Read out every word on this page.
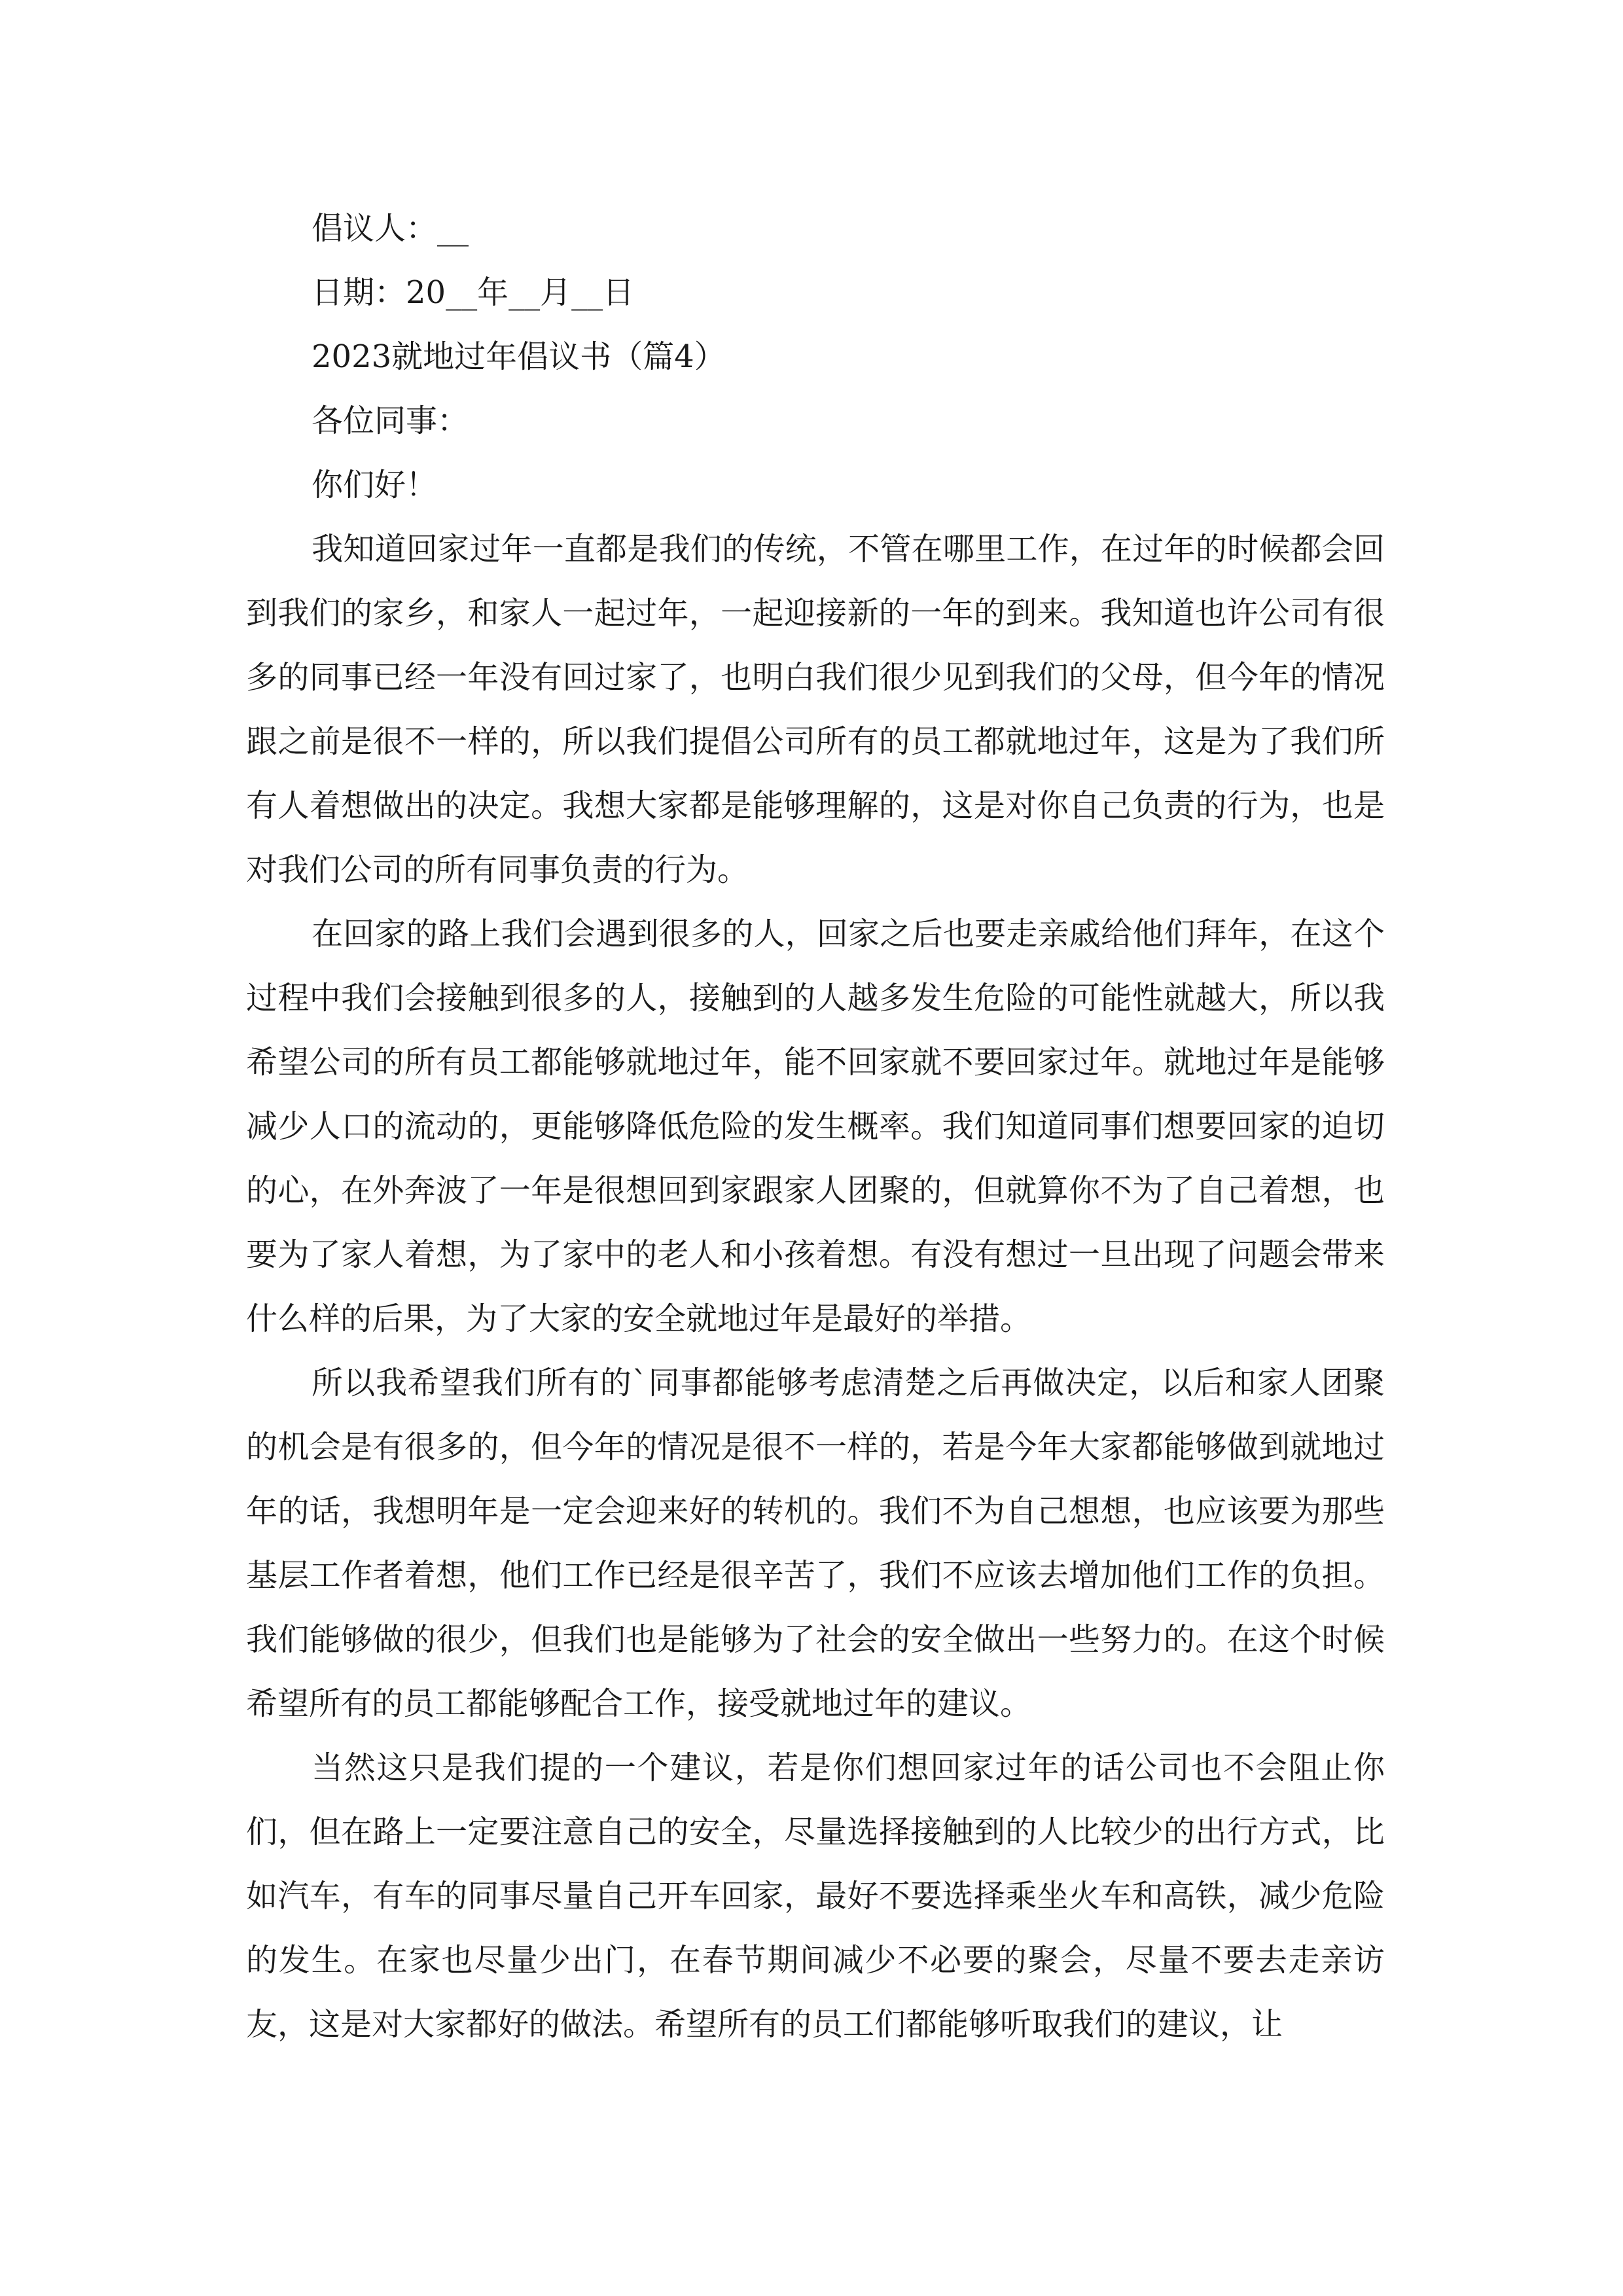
倡议人：__

日期：20__年__月__日

2023就地过年倡议书（篇4）

各位同事：

你们好！

我知道回家过年一直都是我们的传统，不管在哪里工作，在过年的时候都会回到我们的家乡，和家人一起过年，一起迎接新的一年的到来。我知道也许公司有很多的同事已经一年没有回过家了，也明白我们很少见到我们的父母，但今年的情况跟之前是很不一样的，所以我们提倡公司所有的员工都就地过年，这是为了我们所有人着想做出的决定。我想大家都是能够理解的，这是对你自己负责的行为，也是对我们公司的所有同事负责的行为。

在回家的路上我们会遇到很多的人，回家之后也要走亲戚给他们拜年，在这个过程中我们会接触到很多的人，接触到的人越多发生危险的可能性就越大，所以我希望公司的所有员工都能够就地过年，能不回家就不要回家过年。就地过年是能够减少人口的流动的，更能够降低危险的发生概率。我们知道同事们想要回家的迫切的心，在外奔波了一年是很想回到家跟家人团聚的，但就算你不为了自己着想，也要为了家人着想，为了家中的老人和小孩着想。有没有想过一旦出现了问题会带来什么样的后果，为了大家的安全就地过年是最好的举措。

所以我希望我们所有的`同事都能够考虑清楚之后再做决定，以后和家人团聚的机会是有很多的，但今年的情况是很不一样的，若是今年大家都能够做到就地过年的话，我想明年是一定会迎来好的转机的。我们不为自己想想，也应该要为那些基层工作者着想，他们工作已经是很辛苦了，我们不应该去增加他们工作的负担。我们能够做的很少，但我们也是能够为了社会的安全做出一些努力的。在这个时候希望所有的员工都能够配合工作，接受就地过年的建议。

当然这只是我们提的一个建议，若是你们想回家过年的话公司也不会阻止你们，但在路上一定要注意自己的安全，尽量选择接触到的人比较少的出行方式，比如汽车，有车的同事尽量自己开车回家，最好不要选择乘坐火车和高铁，减少危险的发生。在家也尽量少出门，在春节期间减少不必要的聚会，尽量不要去走亲访友，这是对大家都好的做法。希望所有的员工们都能够听取我们的建议，让
